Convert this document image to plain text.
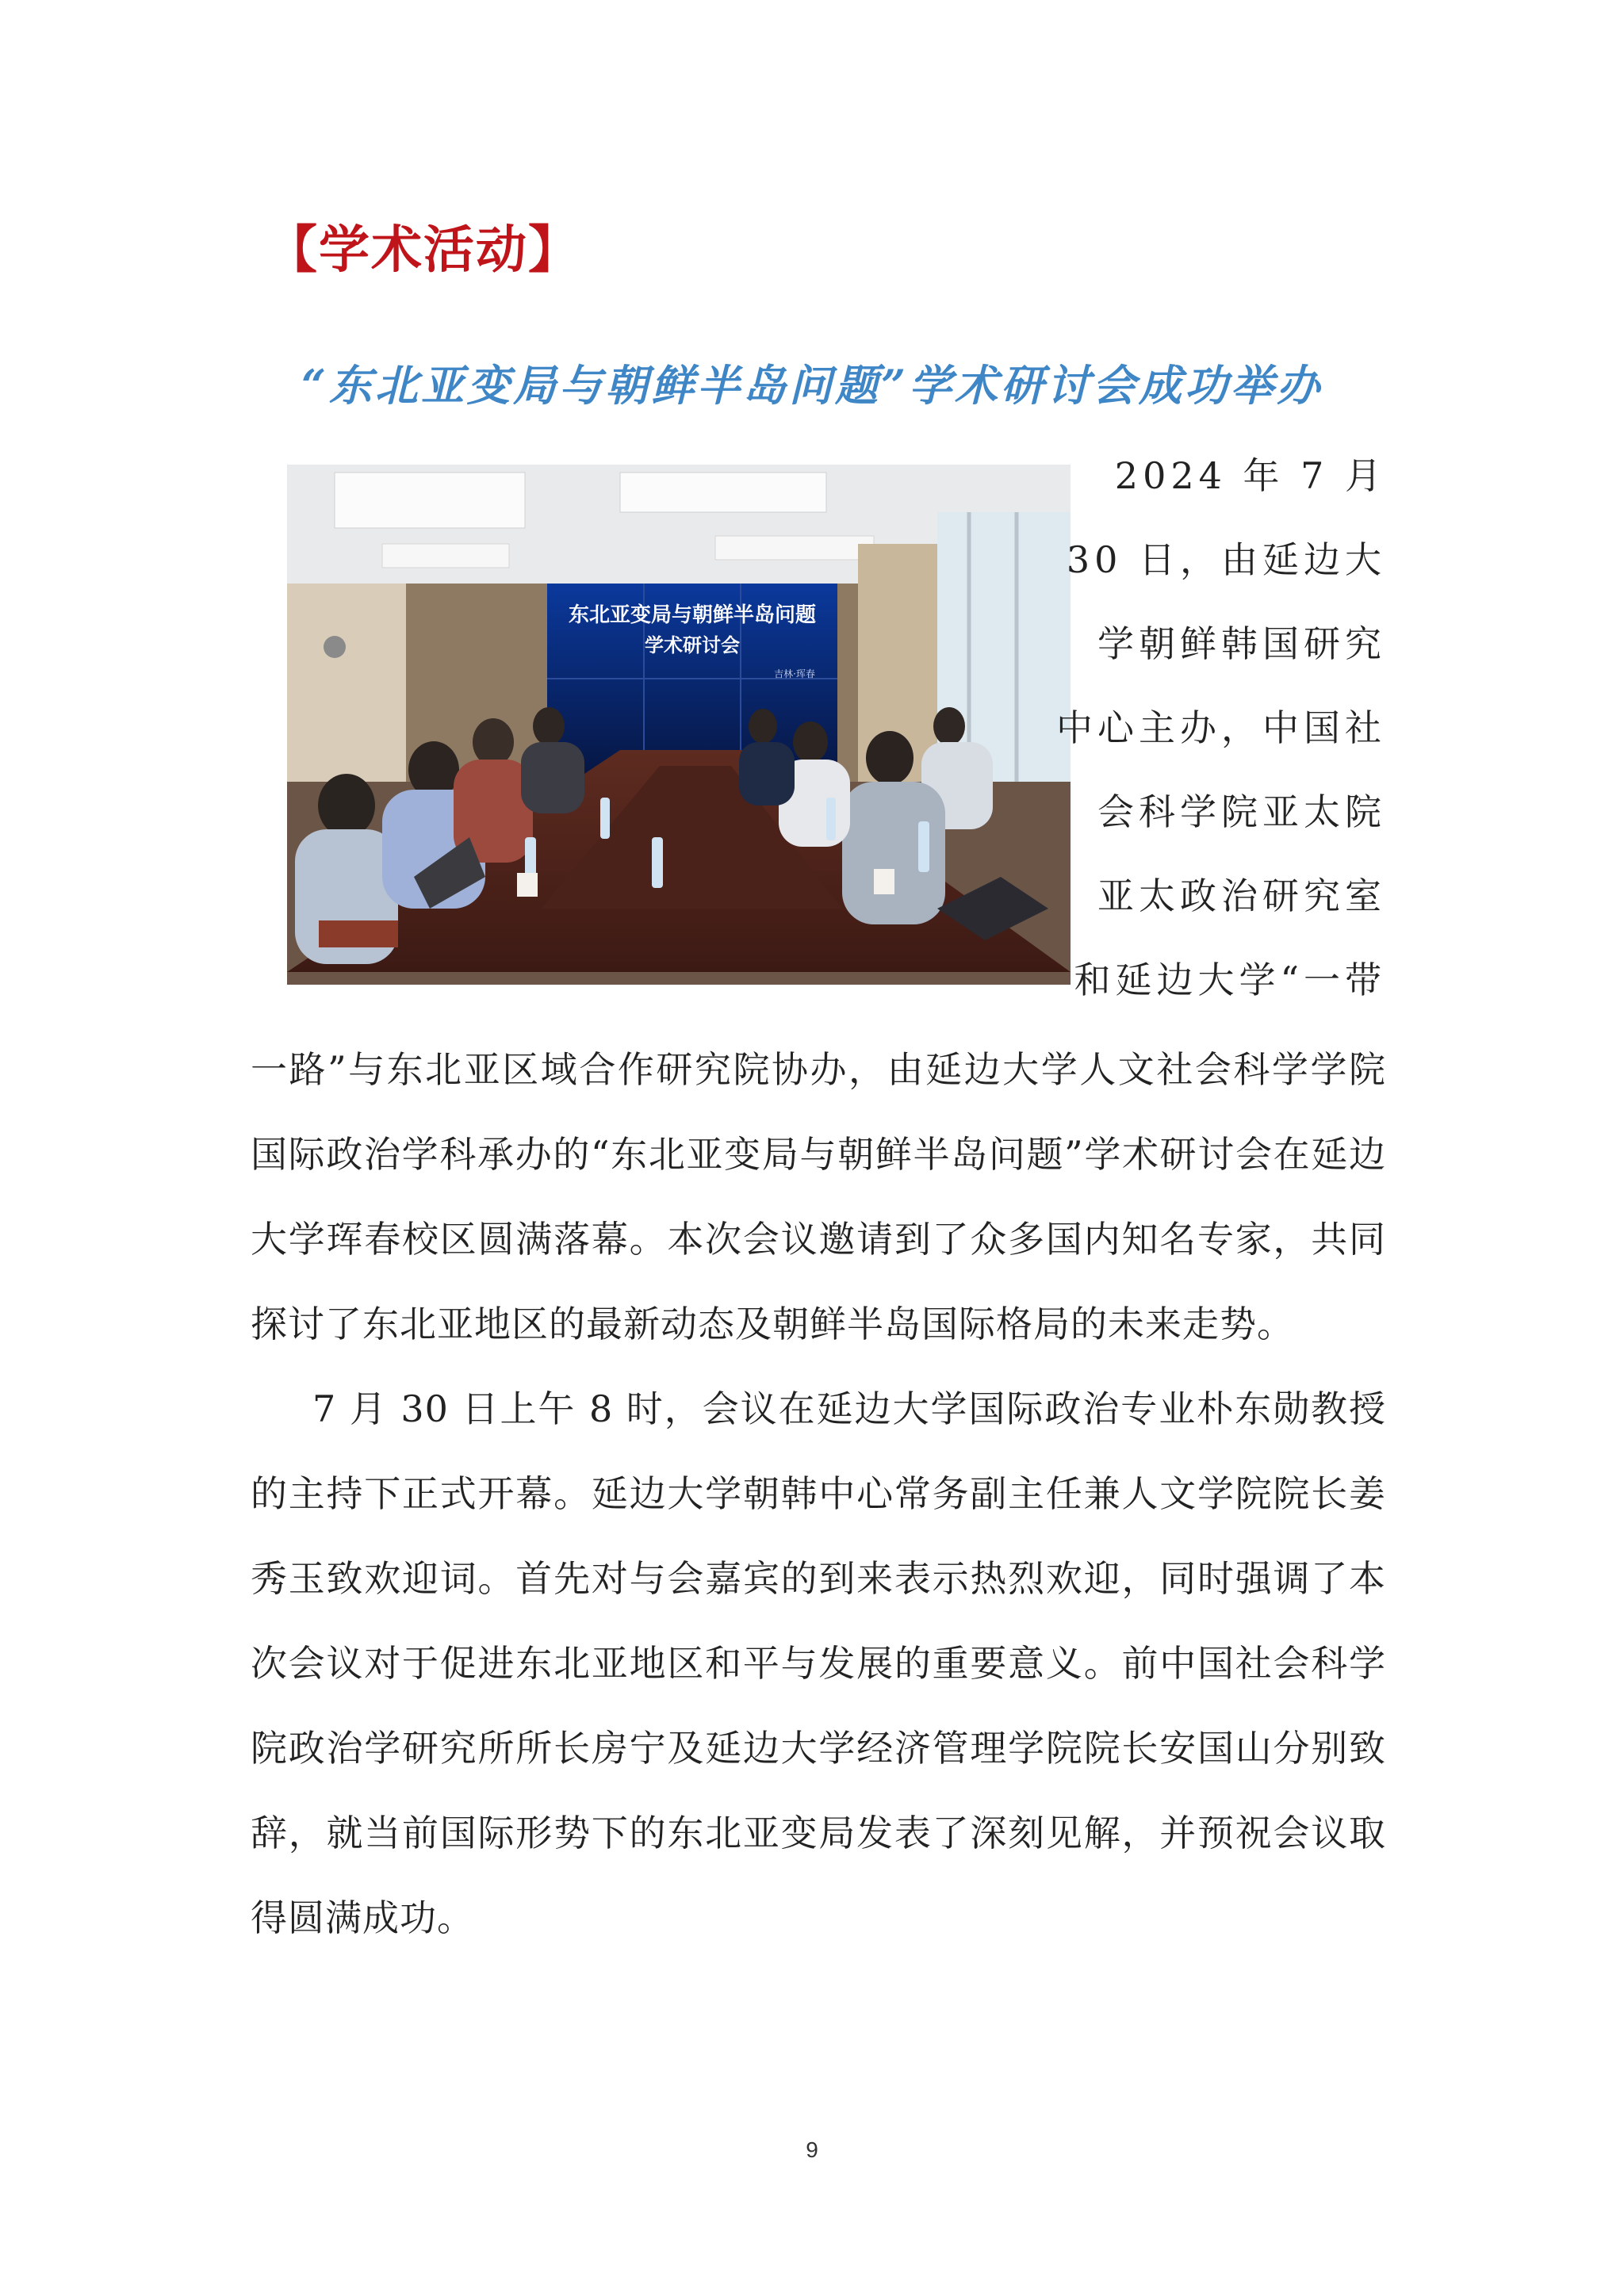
【学术活动】
“东北亚变局与朝鲜半岛问题”学术研讨会成功举办
东北亚变局与朝鲜半岛问题
学术研讨会
吉林·珲春

2024 年 7 月

30 日，由延边大

学朝鲜韩国研究

中心主办，中国社

会科学院亚太院

亚太政治研究室

和延边大学“一带

一路”与东北亚区域合作研究院协办，由延边大学人文社会科学学院国际政治学科承办的“东北亚变局与朝鲜半岛问题”学术研讨会在延边大学珲春校区圆满落幕。本次会议邀请到了众多国内知名专家，共同探讨了东北亚地区的最新动态及朝鲜半岛国际格局的未来走势。

7 月 30 日上午 8 时，会议在延边大学国际政治专业朴东勋教授的主持下正式开幕。延边大学朝韩中心常务副主任兼人文学院院长姜秀玉致欢迎词。首先对与会嘉宾的到来表示热烈欢迎，同时强调了本次会议对于促进东北亚地区和平与发展的重要意义。前中国社会科学院政治学研究所所长房宁及延边大学经济管理学院院长安国山分别致辞，就当前国际形势下的东北亚变局发表了深刻见解，并预祝会议取得圆满成功。

9
